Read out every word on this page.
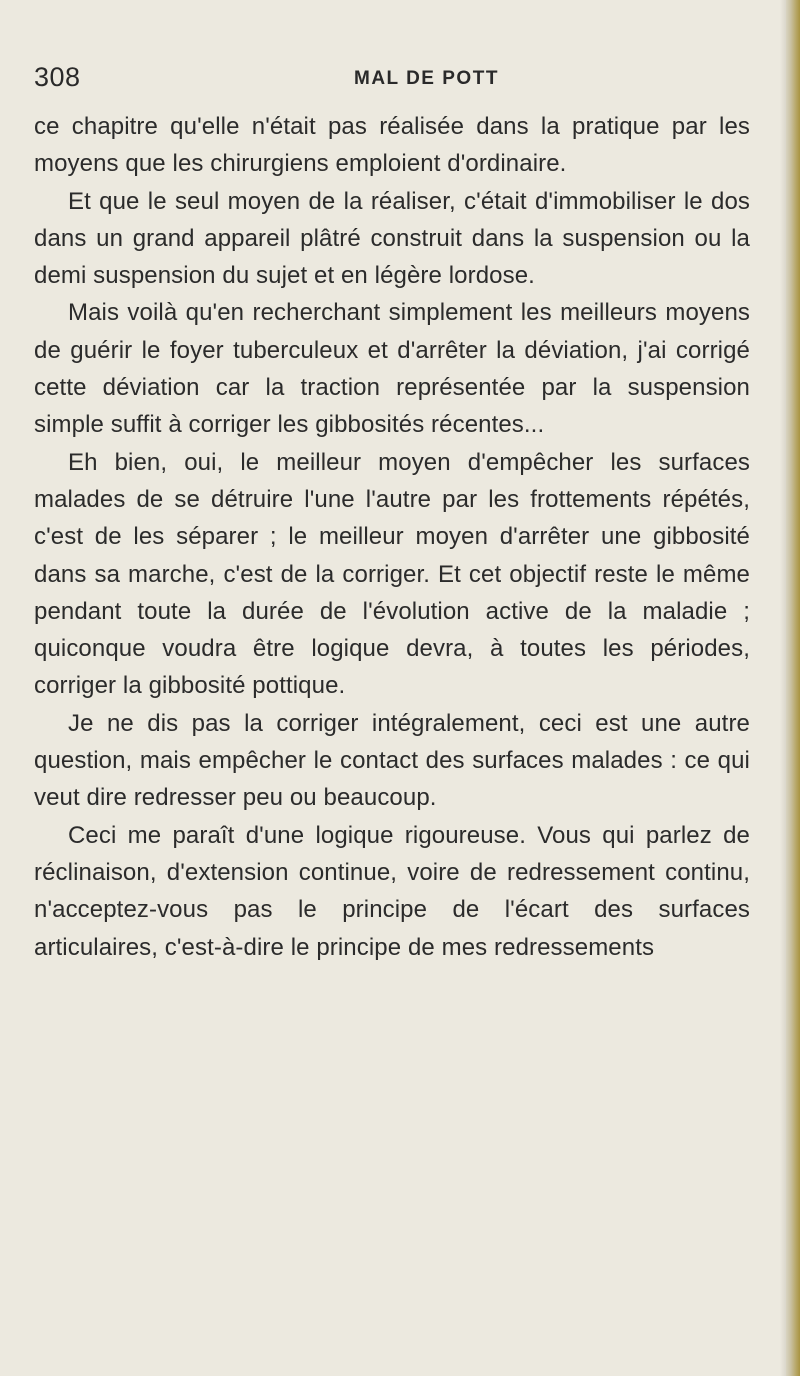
308	MAL DE POTT

ce chapitre qu'elle n'était pas réalisée dans la pratique par les moyens que les chirurgiens emploient d'ordinaire.

Et que le seul moyen de la réaliser, c'était d'immobiliser le dos dans un grand appareil plâtré construit dans la suspension ou la demi suspension du sujet et en légère lordose.

Mais voilà qu'en recherchant simplement les meilleurs moyens de guérir le foyer tuberculeux et d'arrêter la déviation, j'ai corrigé cette déviation car la traction représentée par la suspension simple suffit à corriger les gibbosités récentes...

Eh bien, oui, le meilleur moyen d'empêcher les surfaces malades de se détruire l'une l'autre par les frottements répétés, c'est de les séparer ; le meilleur moyen d'arrêter une gibbosité dans sa marche, c'est de la corriger. Et cet objectif reste le même pendant toute la durée de l'évolution active de la maladie ; quiconque voudra être logique devra, à toutes les périodes, corriger la gibbosité pottique.

Je ne dis pas la corriger intégralement, ceci est une autre question, mais empêcher le contact des surfaces malades : ce qui veut dire redresser peu ou beaucoup.

Ceci me paraît d'une logique rigoureuse. Vous qui parlez de réclinaison, d'extension continue, voire de redressement continu, n'acceptez-vous pas le principe de l'écart des surfaces articulaires, c'est-à-dire le principe de mes redressements
